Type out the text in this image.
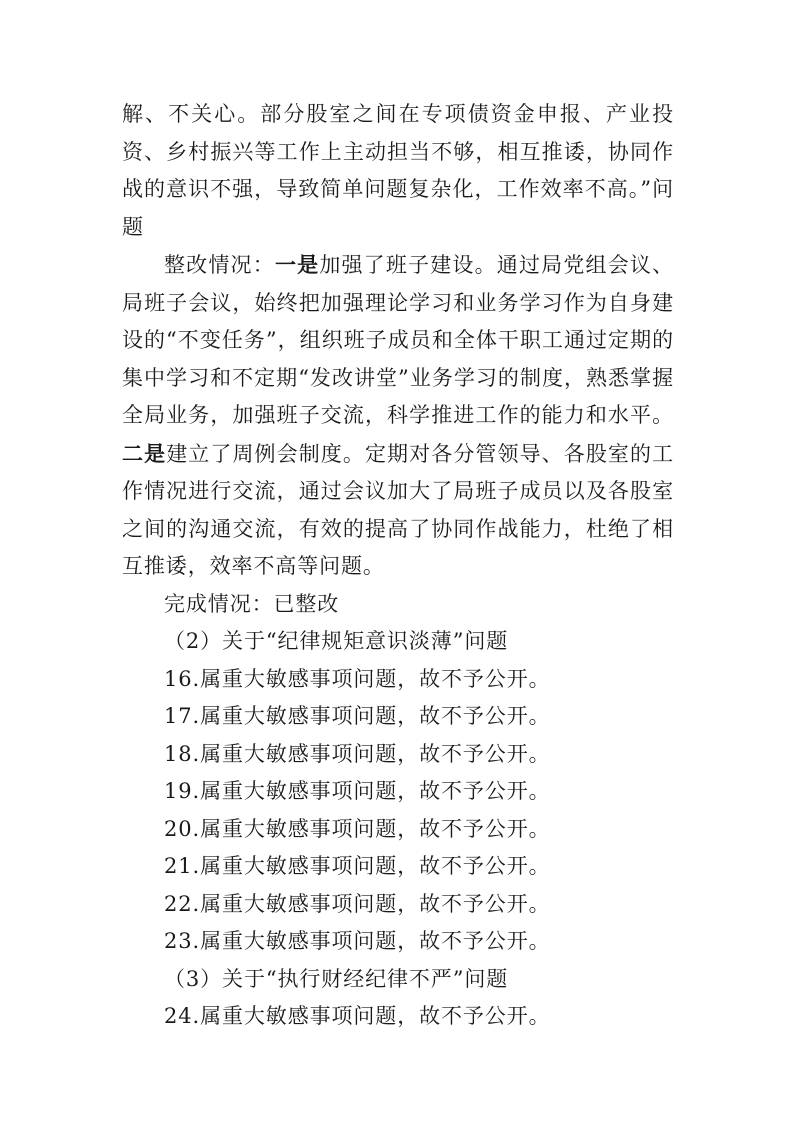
解、不关心。部分股室之间在专项债资金申报、产业投资、乡村振兴等工作上主动担当不够，相互推诿，协同作战的意识不强，导致简单问题复杂化，工作效率不高。”问题

整改情况：一是加强了班子建设。通过局党组会议、局班子会议，始终把加强理论学习和业务学习作为自身建设的“不变任务”，组织班子成员和全体干职工通过定期的集中学习和不定期“发改讲堂”业务学习的制度，熟悉掌握全局业务，加强班子交流，科学推进工作的能力和水平。二是建立了周例会制度。定期对各分管领导、各股室的工作情况进行交流，通过会议加大了局班子成员以及各股室之间的沟通交流，有效的提高了协同作战能力，杜绝了相互推诿，效率不高等问题。

完成情况：已整改

（2）关于“纪律规矩意识淡薄”问题

16.属重大敏感事项问题，故不予公开。

17.属重大敏感事项问题，故不予公开。

18.属重大敏感事项问题，故不予公开。

19.属重大敏感事项问题，故不予公开。

20.属重大敏感事项问题，故不予公开。

21.属重大敏感事项问题，故不予公开。

22.属重大敏感事项问题，故不予公开。

23.属重大敏感事项问题，故不予公开。

（3）关于“执行财经纪律不严”问题

24.属重大敏感事项问题，故不予公开。
